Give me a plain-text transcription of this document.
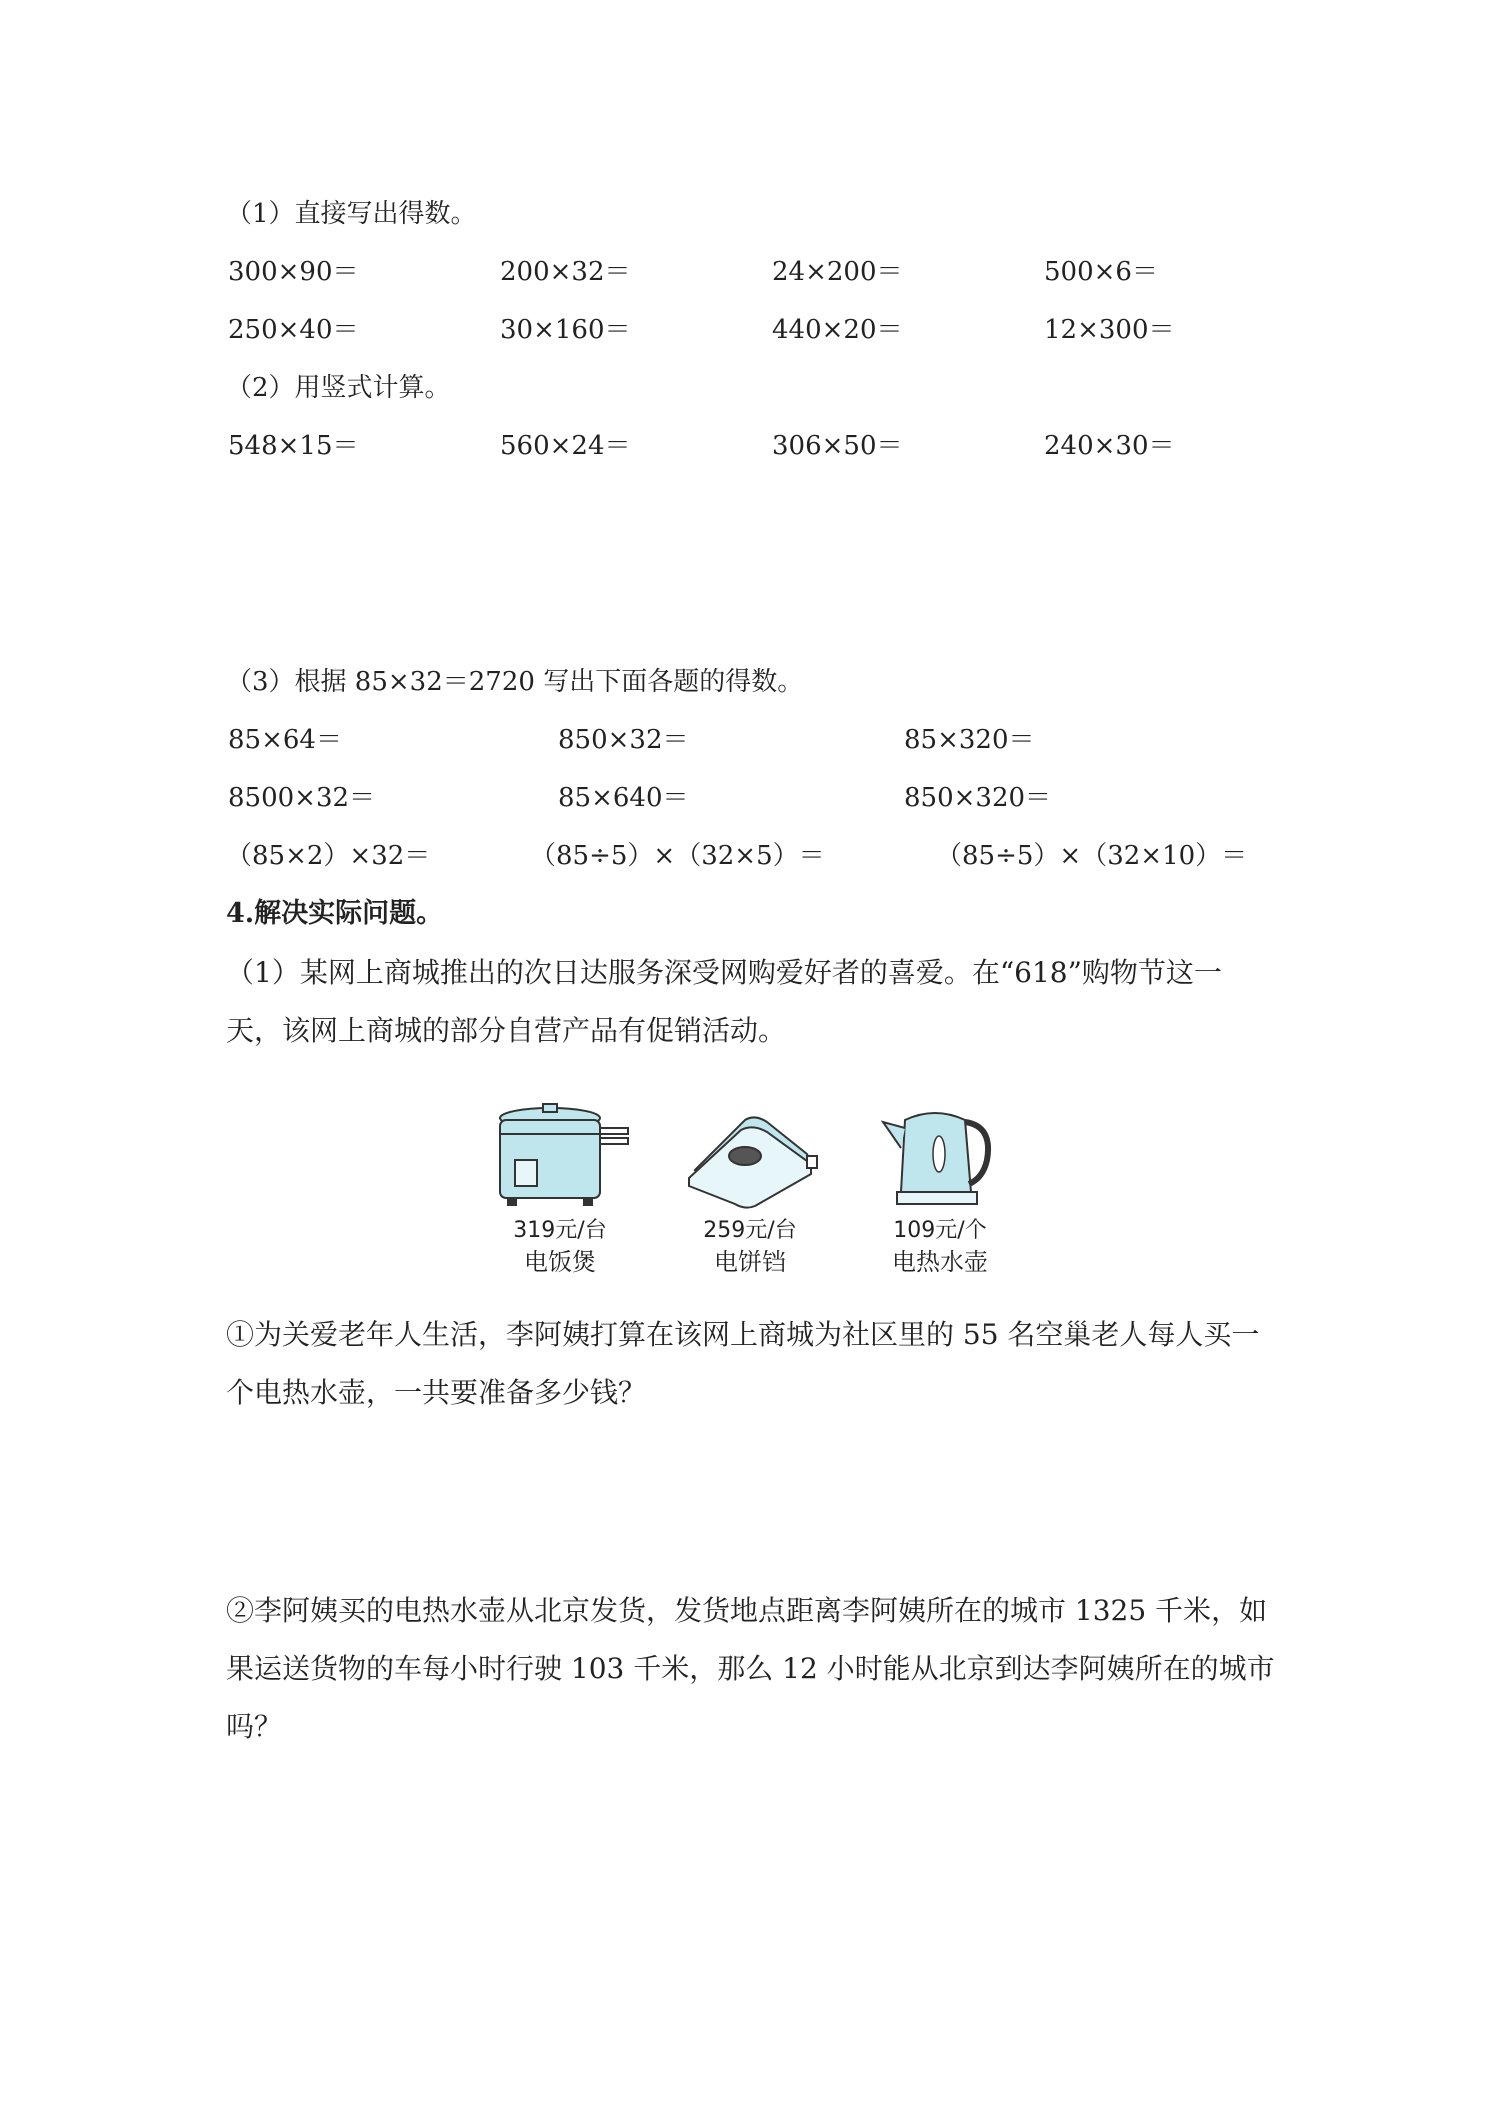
（1）直接写出得数。
300×90＝	200×32＝	24×200＝	500×6＝
250×40＝	30×160＝	440×20＝	12×300＝
（2）用竖式计算。
548×15＝	560×24＝	306×50＝	240×30＝
（3）根据 85×32＝2720 写出下面各题的得数。
85×64＝	850×32＝	85×320＝
8500×32＝	85×640＝	850×320＝
（85×2）×32＝	（85÷5）×（32×5）＝	（85÷5）×（32×10）＝
4.解决实际问题。
（1）某网上商城推出的次日达服务深受网购爱好者的喜爱。在“618”购物节这一天，该网上商城的部分自营产品有促销活动。
319元/台
电饭煲
259元/台
电饼铛
109元/个
电热水壶
①为关爱老年人生活，李阿姨打算在该网上商城为社区里的 55 名空巢老人每人买一个电热水壶，一共要准备多少钱？
②李阿姨买的电热水壶从北京发货，发货地点距离李阿姨所在的城市 1325 千米，如果运送货物的车每小时行驶 103 千米，那么 12 小时能从北京到达李阿姨所在的城市吗？
